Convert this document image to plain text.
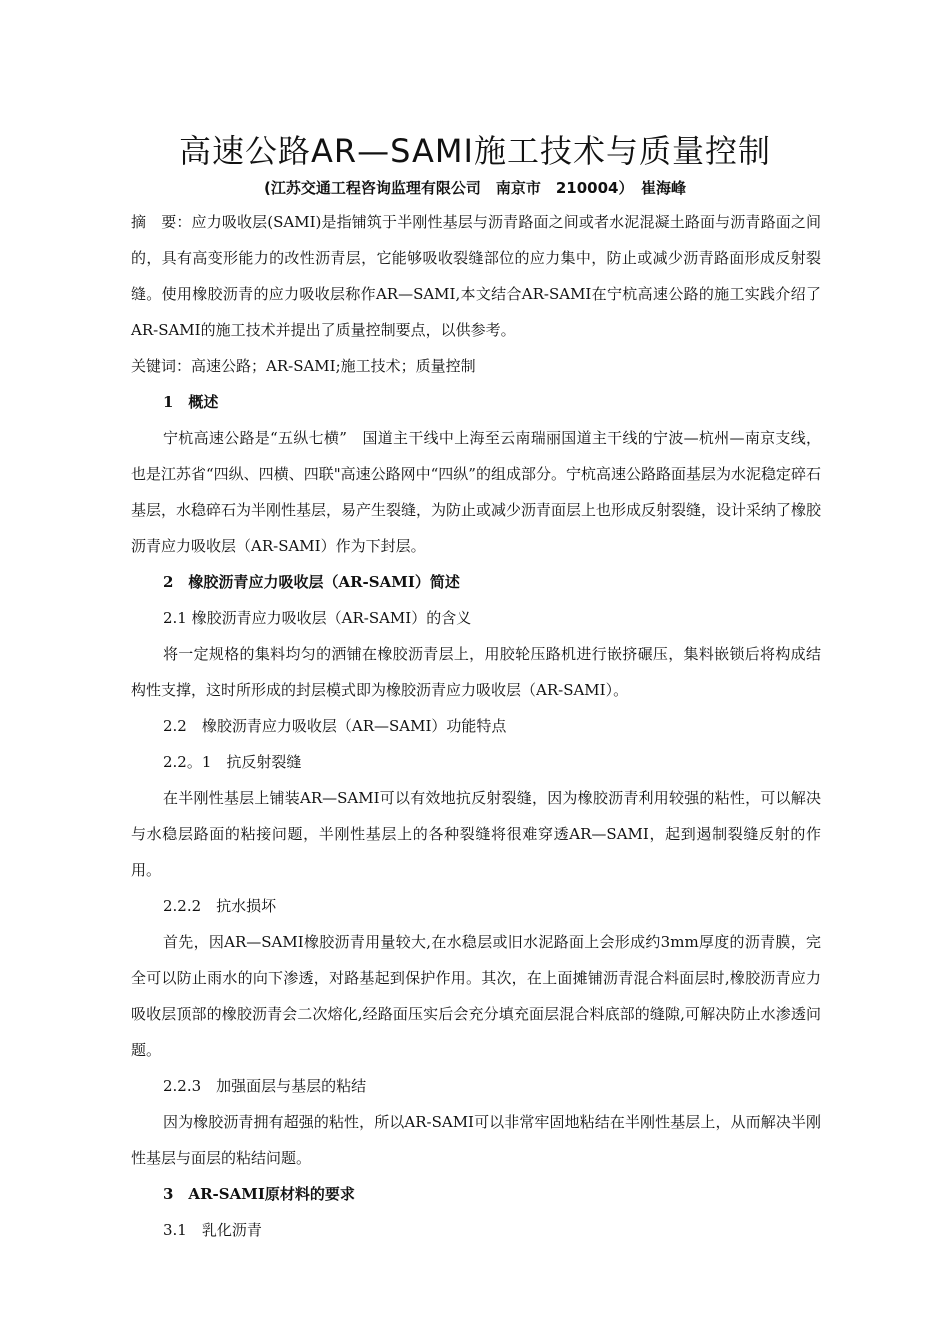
高速公路AR—SAMI施工技术与质量控制
(江苏交通工程咨询监理有限公司　南京市　210004）　崔海峰

摘　要：应力吸收层(SAMI)是指铺筑于半刚性基层与沥青路面之间或者水泥混凝土路面与沥青路面之间的，具有高变形能力的改性沥青层，它能够吸收裂缝部位的应力集中，防止或减少沥青路面形成反射裂缝。使用橡胶沥青的应力吸收层称作AR—SAMI,本文结合AR-SAMI在宁杭高速公路的施工实践介绍了AR-SAMI的施工技术并提出了质量控制要点，以供参考。

关键词：高速公路；AR-SAMI;施工技术；质量控制

1　概述

宁杭高速公路是“五纵七横”　国道主干线中上海至云南瑞丽国道主干线的宁波—杭州—南京支线，也是江苏省“四纵、四横、四联"高速公路网中“四纵”的组成部分。宁杭高速公路路面基层为水泥稳定碎石基层，水稳碎石为半刚性基层，易产生裂缝，为防止或减少沥青面层上也形成反射裂缝，设计采纳了橡胶沥青应力吸收层（AR-SAMI）作为下封层。

2　橡胶沥青应力吸收层（AR-SAMI）简述

2.1 橡胶沥青应力吸收层（AR-SAMI）的含义

将一定规格的集料均匀的洒铺在橡胶沥青层上，用胶轮压路机进行嵌挤碾压，集料嵌锁后将构成结构性支撑，这时所形成的封层模式即为橡胶沥青应力吸收层（AR-SAMI）。

2.2　橡胶沥青应力吸收层（AR—SAMI）功能特点

2.2。1　抗反射裂缝

在半刚性基层上铺装AR—SAMI可以有效地抗反射裂缝，因为橡胶沥青利用较强的粘性，可以解决与水稳层路面的粘接问题，半刚性基层上的各种裂缝将很难穿透AR—SAMI，起到遏制裂缝反射的作用。

2.2.2　抗水损坏

首先，因AR—SAMI橡胶沥青用量较大,在水稳层或旧水泥路面上会形成约3mm厚度的沥青膜，完全可以防止雨水的向下渗透，对路基起到保护作用。其次，在上面摊铺沥青混合料面层时,橡胶沥青应力吸收层顶部的橡胶沥青会二次熔化,经路面压实后会充分填充面层混合料底部的缝隙,可解决防止水渗透问题。

2.2.3　加强面层与基层的粘结

因为橡胶沥青拥有超强的粘性，所以AR-SAMI可以非常牢固地粘结在半刚性基层上，从而解决半刚性基层与面层的粘结问题。

3　AR-SAMI原材料的要求

3.1　乳化沥青
